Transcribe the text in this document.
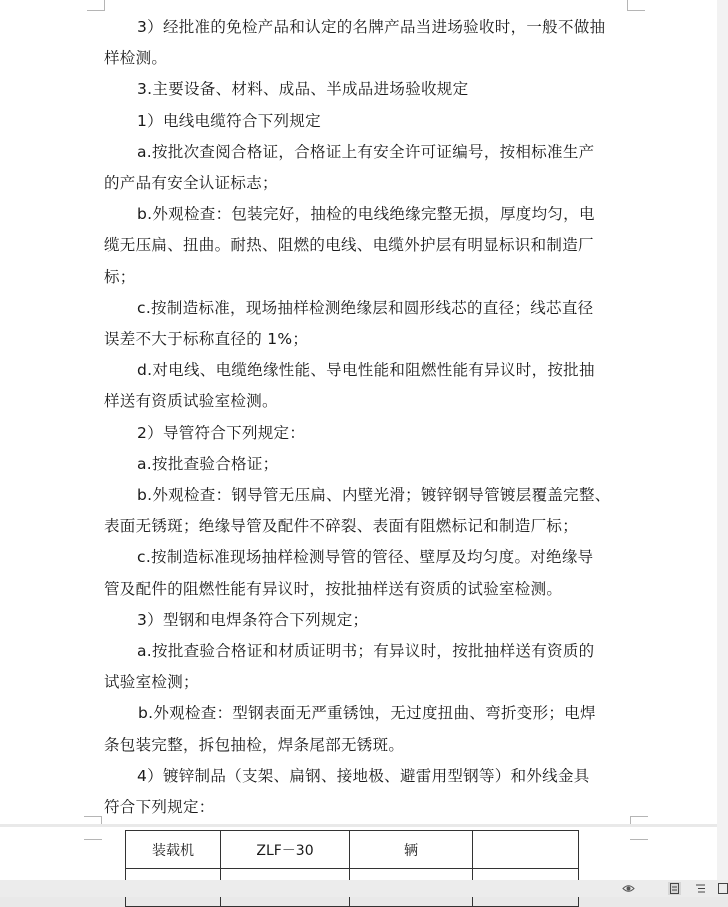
3）经批准的免检产品和认定的名牌产品当进场验收时，一般不做抽

样检测。

3.主要设备、材料、成品、半成品进场验收规定

1）电线电缆符合下列规定

a.按批次查阅合格证，合格证上有安全许可证编号，按相标准生产

的产品有安全认证标志；

b.外观检查：包装完好，抽检的电线绝缘完整无损，厚度均匀，电

缆无压扁、扭曲。耐热、阻燃的电线、电缆外护层有明显标识和制造厂

标；

c.按制造标准，现场抽样检测绝缘层和圆形线芯的直径；线芯直径

误差不大于标称直径的 1%；

d.对电线、电缆绝缘性能、导电性能和阻燃性能有异议时，按批抽

样送有资质试验室检测。

2）导管符合下列规定：

a.按批查验合格证；

b.外观检查：钢导管无压扁、内壁光滑；镀锌钢导管镀层覆盖完整、

表面无锈斑；绝缘导管及配件不碎裂、表面有阻燃标记和制造厂标；

c.按制造标准现场抽样检测导管的管径、壁厚及均匀度。对绝缘导

管及配件的阻燃性能有异议时，按批抽样送有资质的试验室检测。

3）型钢和电焊条符合下列规定；

a.按批查验合格证和材质证明书；有异议时，按批抽样送有资质的

试验室检测；

b.外观检查：型钢表面无严重锈蚀，无过度扭曲、弯折变形；电焊

条包装完整，拆包抽检，焊条尾部无锈斑。

4）镀锌制品（支架、扁钢、接地极、避雷用型钢等）和外线金具

符合下列规定：

装载机	ZLF－30	辆	
